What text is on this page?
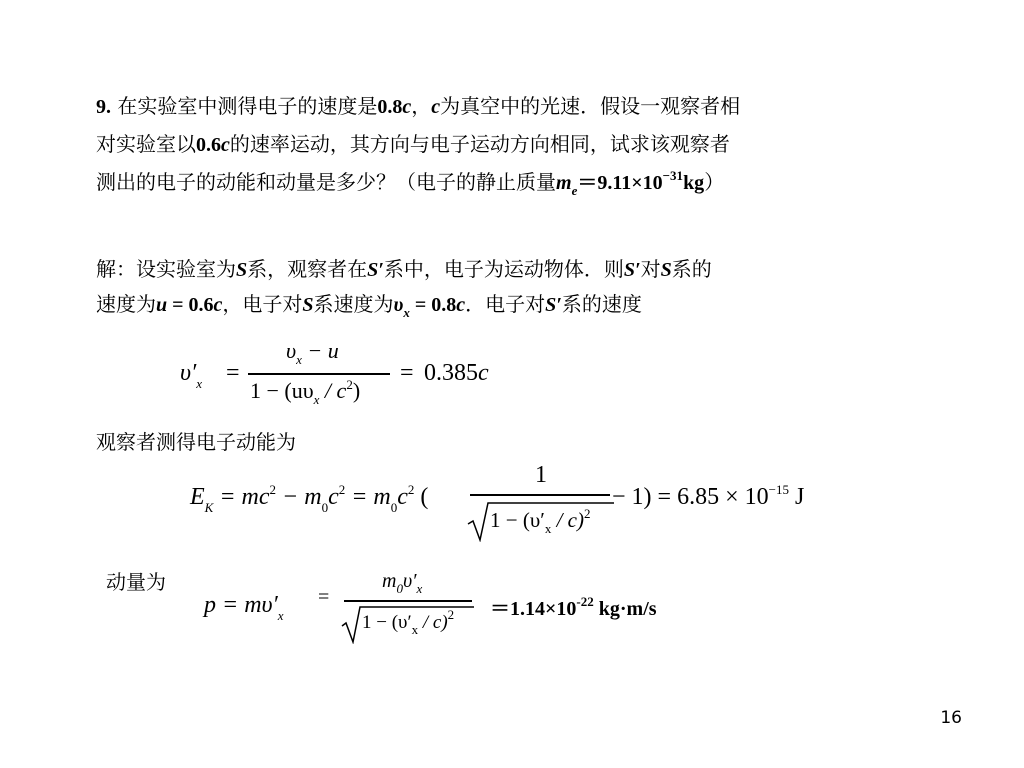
9. 在实验室中测得电子的速度是0.8c，c为真空中的光速．假设一观察者相
对实验室以0.6c的速率运动，其方向与电子运动方向相同，试求该观察者
测出的电子的动能和动量是多少？（电子的静止质量$m_e=9.11\times 10^{-31}kg$）
解：设实验室为S系，观察者在S′系中，电子为运动物体．则S′对S系的
速度为u = 0.6c，电子对S系速度为$\upsilon_x = 0.8c$．电子对S′系的速度
$\upsilon'_x$ =
$\upsilon_x - u$
$1 - (u\upsilon_x / c^2)$
= 0.385c
观察者测得电子动能为
$E_K = mc^2 - m_0c^2 = m_0c^2$ (
1
$1 - (\upsilon'_x / c)^2$
− $1) = 6.85 \times 10^{-15}$ J
动量为
$p = m\upsilon'_x$
=
$m_0\upsilon'_x$
$1 - (\upsilon'_x / c)^2 =1.14\times 10^{-22}$ kg·m/s
16
